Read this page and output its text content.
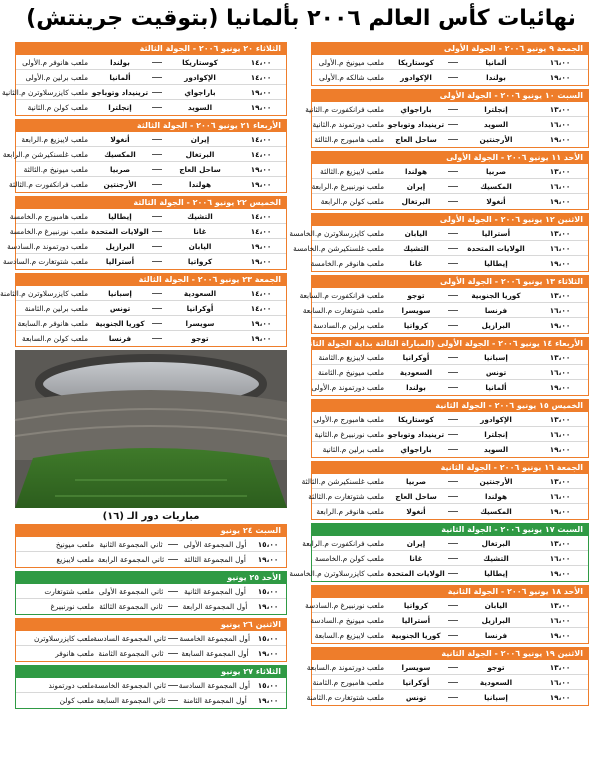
نهائيات كأس العالم ٢٠٠٦ بألمانيا (بتوقيت جرينتش)
الجمعة ٩ يونيو ٢٠٠٦ - الجولة الأولى
١٦،٠٠
ألمانيا
كوستاريكا
ملعب ميونيخ م.الأولى
١٩،٠٠
بولندا
الإكوادور
ملعب شالكه م.الأولى
السبت ١٠ يونيو ٢٠٠٦ - الجولة الأولى
١٣،٠٠
إنجلترا
باراجواي
ملعب فرانكفورت م.الثانية
١٦،٠٠
السويد
ترينيداد وتوباجو
ملعب دورتموند م.الثانية
١٩،٠٠
الأرجنتين
ساحل العاج
ملعب هامبورج م.الثالثة
الأحد ١١ يونيو ٢٠٠٦ - الجولة الأولى
١٣،٠٠
صربيا
هولندا
ملعب لايبزيغ م.الثالثة
١٦،٠٠
المكسيك
إيران
ملعب نورنبيرغ م.الرابعة
١٩،٠٠
أنغولا
البرتغال
ملعب كولن م.الرابعة
الاثنين ١٢ يونيو ٢٠٠٦ - الجولة الأولى
١٣،٠٠
أستراليا
اليابان
ملعب كايزرسلاوترن م.الخامسة
١٦،٠٠
الولايات المتحدة
التشيك
ملعب غلسنكيرشن م.الخامسة
١٩،٠٠
إيطاليا
غانا
ملعب هانوفر م.الخامسة
الثلاثاء ١٣ يونيو ٢٠٠٦ - الجولة الأولى
١٣،٠٠
كوريا الجنوبية
توجو
ملعب فرانكفورت م.السابعة
١٦،٠٠
فرنسا
سويسرا
ملعب شتوتغارت م.السابعة
١٩،٠٠
البرازيل
كرواتيا
ملعب برلين م.السادسة
الأربعاء ١٤ يونيو ٢٠٠٦ - الجولة الأولى (المباراة الثالثة بداية الجولة الثانية)
١٣،٠٠
إسبانيا
أوكرانيا
ملعب لايبزيغ م.الثامنة
١٦،٠٠
تونس
السعودية
ملعب ميونيخ م.الثامنة
١٩،٠٠
ألمانيا
بولندا
ملعب دورتموند م.الأولى
الخميس ١٥ يونيو ٢٠٠٦ - الجولة الثانية
١٣،٠٠
الإكوادور
كوستاريكا
ملعب هامبورج م.الأولى
١٦،٠٠
إنجلترا
ترينيداد وتوباجو
ملعب نورنبيرغ م.الثانية
١٩،٠٠
السويد
باراجواي
ملعب برلين م.الثانية
الجمعة ١٦ يونيو ٢٠٠٦ - الجولة الثانية
١٣،٠٠
الأرجنتين
صربيا
ملعب غلسنكيرشن م.الثالثة
١٦،٠٠
هولندا
ساحل العاج
ملعب شتوتغارت م.الثالثة
١٩،٠٠
المكسيك
أنغولا
ملعب هانوفر م.الرابعة
السبت ١٧ يونيو ٢٠٠٦ - الجولة الثانية
١٣،٠٠
البرتغال
إيران
ملعب فرانكفورت م.الرابعة
١٦،٠٠
التشيك
غانا
ملعب كولن م.الخامسة
١٩،٠٠
إيطاليا
الولايات المتحدة
ملعب كايزرسلاوترن م.الخامسة
الأحد ١٨ يونيو ٢٠٠٦ - الجولة الثانية
١٣،٠٠
اليابان
كرواتيا
ملعب نورنبيرغ م.السادسة
١٦،٠٠
البرازيل
أستراليا
ملعب ميونيخ م.السادسة
١٩،٠٠
فرنسا
كوريا الجنوبية
ملعب لايبزيغ م.السابعة
الاثنين ١٩ يونيو ٢٠٠٦ - الجولة الثانية
١٣،٠٠
توجو
سويسرا
ملعب دورتموند م.السابعة
١٦،٠٠
السعودية
أوكرانيا
ملعب هامبورج م.الثامنة
١٩،٠٠
إسبانيا
تونس
ملعب شتوتغارت م.الثامنة
الثلاثاء ٢٠ يونيو ٢٠٠٦ - الجولة الثالثة
١٤،٠٠
كوستاريكا
بولندا
ملعب هانوفر م.الأولى
١٤،٠٠
الإكوادور
ألمانيا
ملعب برلين م.الأولى
١٩،٠٠
باراجواي
ترينيداد وتوباجو
ملعب كايزرسلاوترن م.الثانية
١٩،٠٠
السويد
إنجلترا
ملعب كولن م.الثانية
الأربعاء ٢١ يونيو ٢٠٠٦ - الجولة الثالثة
١٤،٠٠
إيران
أنغولا
ملعب لايبزيغ م.الرابعة
١٤،٠٠
البرتغال
المكسيك
ملعب غلسنكيرشن م.الرابعة
١٩،٠٠
ساحل العاج
صربيا
ملعب ميونيخ م.الثالثة
١٩،٠٠
هولندا
الأرجنتين
ملعب فرانكفورت م.الثالثة
الخميس ٢٢ يونيو ٢٠٠٦ - الجولة الثالثة
١٤،٠٠
التشيك
إيطاليا
ملعب هامبورج م.الخامسة
١٤،٠٠
غانا
الولايات المتحدة
ملعب نورنبيرغ م.الخامسة
١٩،٠٠
اليابان
البرازيل
ملعب دورتموند م.السادسة
١٩،٠٠
كرواتيا
أستراليا
ملعب شتوتغارت م.السادسة
الجمعة ٢٣ يونيو ٢٠٠٦ - الجولة الثالثة
١٤،٠٠
السعودية
إسبانيا
ملعب كايزرسلاوترن م.الثامنة
١٤،٠٠
أوكرانيا
تونس
ملعب برلين م.الثامنة
١٩،٠٠
سويسرا
كوريا الجنوبية
ملعب هانوفر م.السابعة
١٩،٠٠
توجو
فرنسا
ملعب كولن م.السابعة
مباريات دور الـ (١٦)
السبت ٢٤ يونيو
١٥،٠٠
أول المجموعة الأولى
ثاني المجموعة الثانية
ملعب ميونيخ
١٩،٠٠
أول المجموعة الثالثة
ثاني المجموعة الرابعة
ملعب لايبزيغ
الأحد ٢٥ يونيو
١٥،٠٠
أول المجموعة الثانية
ثاني المجموعة الأولى
ملعب شتوتغارت
١٩،٠٠
أول المجموعة الرابعة
ثاني المجموعة الثالثة
ملعب نورنبيرغ
الاثنين ٢٦ يونيو
١٥،٠٠
أول المجموعة الخامسة
ثاني المجموعة السادسة
ملعب كايزرسلاوترن
١٩،٠٠
أول المجموعة السابعة
ثاني المجموعة الثامنة
ملعب هانوفر
الثلاثاء ٢٧ يونيو
١٥،٠٠
أول المجموعة السادسة
ثاني المجموعة الخامسة
ملعب دورتموند
١٩،٠٠
أول المجموعة الثامنة
ثاني المجموعة السابعة
ملعب كولن
